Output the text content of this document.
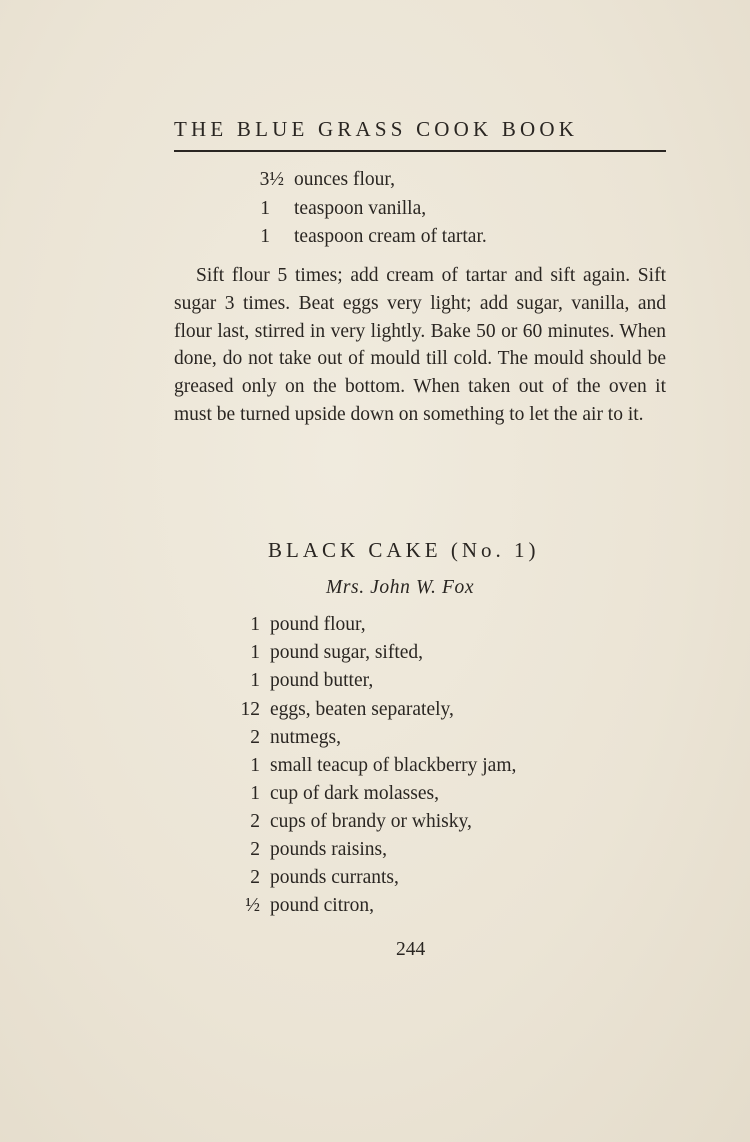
THE BLUE GRASS COOK BOOK
3½ ounces flour,
1 teaspoon vanilla,
1 teaspoon cream of tartar.

Sift flour 5 times; add cream of tartar and sift again. Sift sugar 3 times. Beat eggs very light; add sugar, vanilla, and flour last, stirred in very lightly. Bake 50 or 60 minutes. When done, do not take out of mould till cold. The mould should be greased only on the bottom. When taken out of the oven it must be turned upside down on something to let the air to it.

BLACK CAKE (No. 1)
Mrs. John W. Fox
1 pound flour,
1 pound sugar, sifted,
1 pound butter,
12 eggs, beaten separately,
2 nutmegs,
1 small teacup of blackberry jam,
1 cup of dark molasses,
2 cups of brandy or whisky,
2 pounds raisins,
2 pounds currants,
½ pound citron,
244
